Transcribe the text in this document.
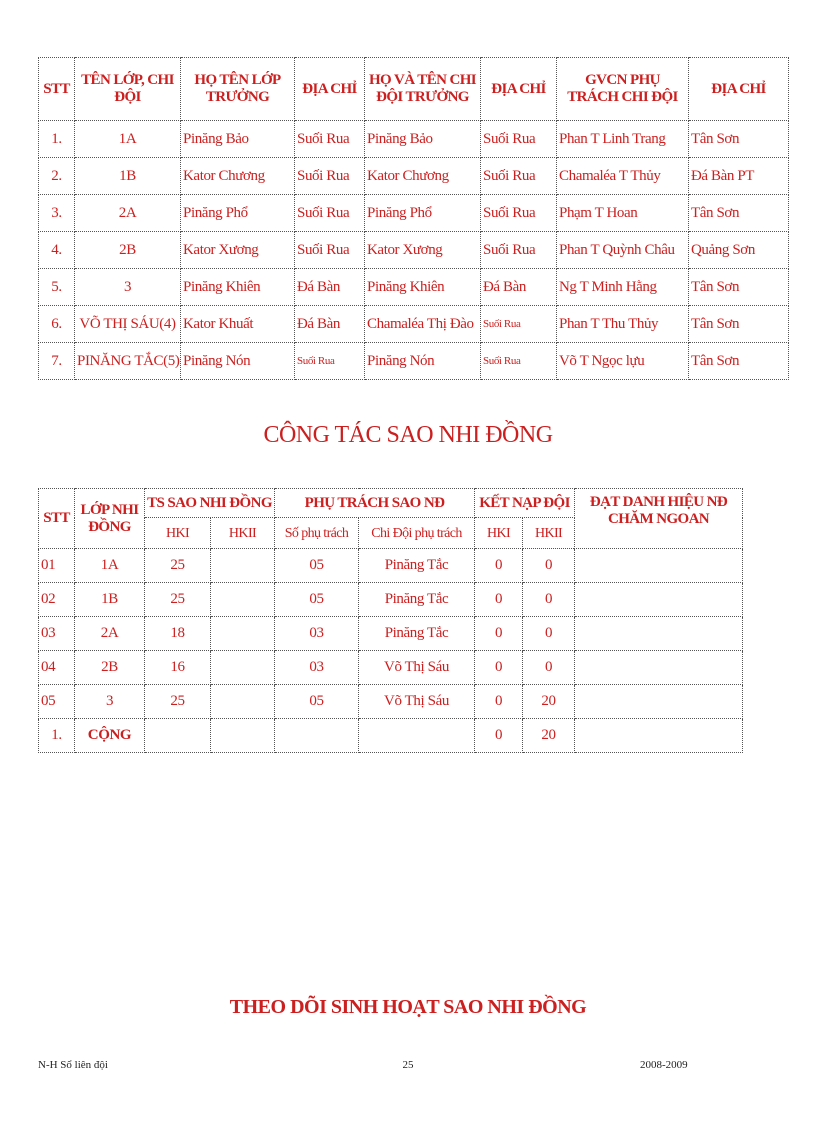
STT	TÊN LỚP, CHI ĐỘI	HỌ TÊN LỚP TRƯỞNG	ĐỊA CHỈ	HỌ VÀ TÊN CHI ĐỘI TRƯỞNG	ĐỊA CHỈ	GVCN PHỤ TRÁCH CHI ĐỘI	ĐỊA CHỈ
1.	1A	Pinăng Bảo	Suối Rua	Pinăng Bảo	Suối Rua	Phan T Linh Trang	Tân Sơn
2.	1B	Kator Chương	Suối Rua	Kator Chương	Suối Rua	Chamaléa T Thủy	Đá Bàn PT
3.	2A	Pinăng Phổ	Suối Rua	Pinăng Phổ	Suối Rua	Phạm T Hoan	Tân Sơn
4.	2B	Kator Xương	Suối Rua	Kator Xương	Suối Rua	Phan T Quỳnh Châu	Quảng Sơn
5.	3	Pinăng Khiên	Đá Bàn	Pinăng Khiên	Đá Bàn	Ng T Minh Hằng	Tân Sơn
6.	VÕ THỊ SÁU(4)	Kator Khuất	Đá Bàn	Chamaléa Thị Đào	Suối Rua	Phan T Thu Thủy	Tân Sơn
7.	PINĂNG TẮC(5)	Pinăng Nón	Suối Rua	Pinăng Nón	Suối Rua	Võ T Ngọc lựu	Tân Sơn
CÔNG TÁC SAO NHI ĐỒNG
STT	LỚP NHI ĐỒNG	TS SAO NHI ĐỒNG		PHỤ TRÁCH SAO NĐ		KẾT NẠP ĐỘI		ĐẠT DANH HIỆU NĐ CHĂM NGOAN
		HKI	HKII	Số phụ trách	Chi Đội phụ trách	HKI	HKII	
01	1A	25		05	Pinăng Tắc	0	0	
02	1B	25		05	Pinăng Tắc	0	0	
03	2A	18		03	Pinăng Tắc	0	0	
04	2B	16		03	Võ Thị Sáu	0	0	
05	3	25		05	Võ Thị Sáu	0	20	
1.	CỘNG					0	20	
THEO DÕI SINH HOẠT SAO NHI ĐỒNG
N-H Sổ liên đội	25	2008-2009
